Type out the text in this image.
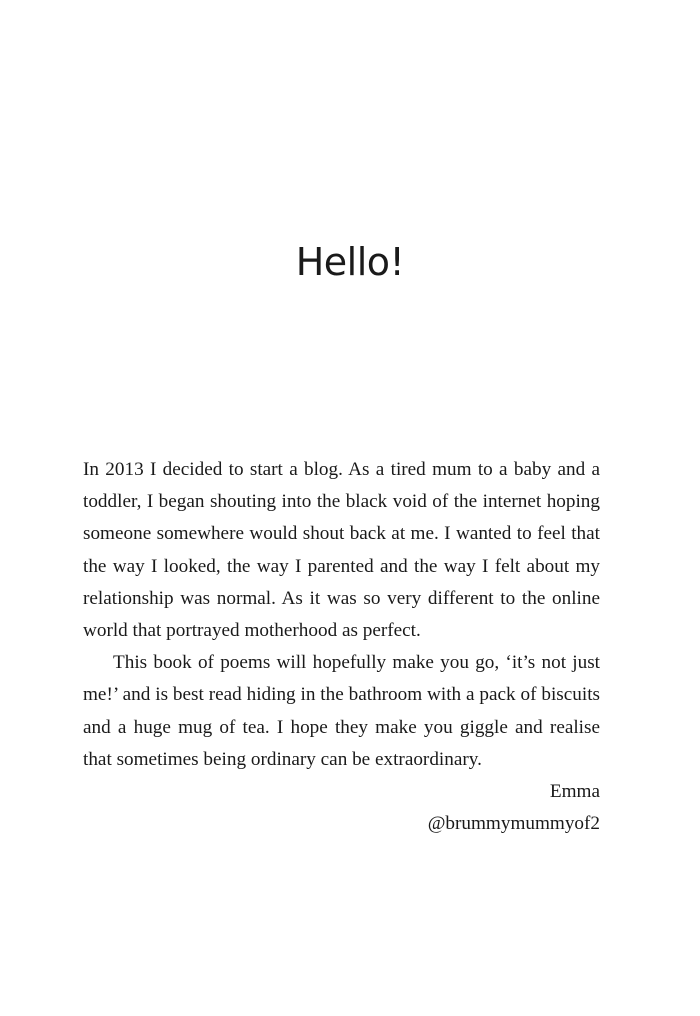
Hello!

In 2013 I decided to start a blog. As a tired mum to a baby and a toddler, I began shouting into the black void of the internet hoping someone somewhere would shout back at me. I wanted to feel that the way I looked, the way I parented and the way I felt about my relationship was normal. As it was so very different to the online world that portrayed motherhood as perfect.

This book of poems will hopefully make you go, ‘it’s not just me!’ and is best read hiding in the bathroom with a pack of biscuits and a huge mug of tea. I hope they make you giggle and realise that sometimes being ordinary can be extraordinary.

Emma

@brummymummyof2
